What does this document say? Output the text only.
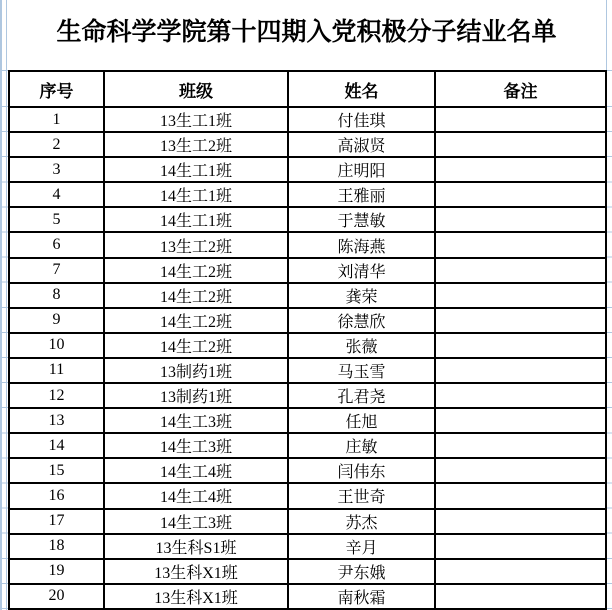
生命科学学院第十四期入党积极分子结业名单
序号	班级	姓名	备注
1	13生工1班	付佳琪	
2	13生工2班	高淑贤	
3	14生工1班	庄明阳	
4	14生工1班	王雅丽	
5	14生工1班	于慧敏	
6	13生工2班	陈海燕	
7	14生工2班	刘清华	
8	14生工2班	龚荣	
9	14生工2班	徐慧欣	
10	14生工2班	张薇	
11	13制药1班	马玉雪	
12	13制药1班	孔君尧	
13	14生工3班	任旭	
14	14生工3班	庄敏	
15	14生工4班	闫伟东	
16	14生工4班	王世奇	
17	14生工3班	苏杰	
18	13生科S1班	辛月	
19	13生科X1班	尹东娥	
20	13生科X1班	南秋霜	
